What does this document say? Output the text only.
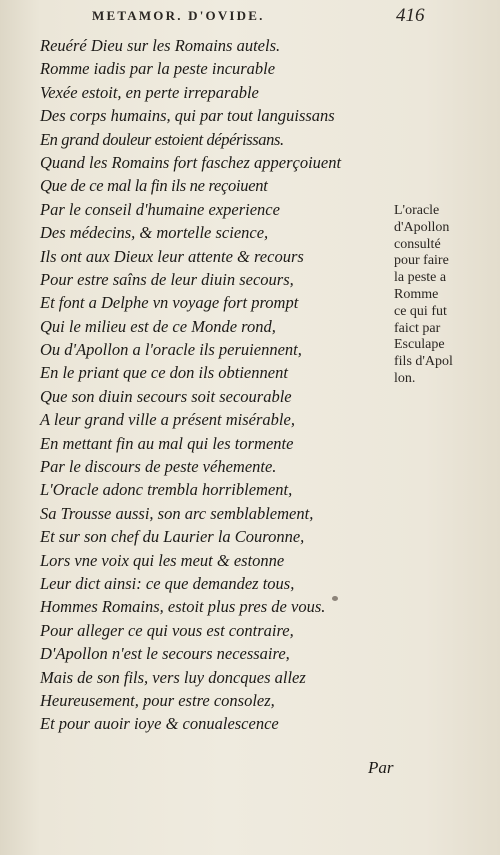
METAMOR. D'OVIDE.	416
Reuéré Dieu sur les Romains autels.
Romme iadis par la peste incurable
Vexée estoit, en perte irreparable
Des corps humains, qui par tout languissans
En grand douleur estoient dépérissans.
Quand les Romains fort faschez apperçoiuent
Que de ce mal la fin ils ne reçoiuent
Par le conseil d'humaine experience
Des médecins, & mortelle science,
Ils ont aux Dieux leur attente & recours
Pour estre saîns de leur diuin secours,
Et font a Delphe vn voyage fort prompt
Qui le milieu est de ce Monde rond,
Ou d'Apollon a l'oracle ils peruiennent,
En le priant que ce don ils obtiennent
Que son diuin secours soit secourable
A leur grand ville a présent misérable,
En mettant fin au mal qui les tormente
Par le discours de peste véhemente.
L'Oracle adonc trembla horriblement,
Sa Trousse aussi, son arc semblablement,
Et sur son chef du Laurier la Couronne,
Lors vne voix qui les meut & estonne
Leur dict ainsi: ce que demandez tous,
Hommes Romains, estoit plus pres de vous.
Pour alleger ce qui vous est contraire,
D'Apollon n'est le secours necessaire,
Mais de son fils, vers luy doncques allez
Heureusement, pour estre consolez,
Et pour auoir ioye & conualescence
L'oracle
d'Apollon
consulté
pour faire
la peste a
Romme
ce qui fut
faict par
Esculape
fils d'Apol
lon.
Par
